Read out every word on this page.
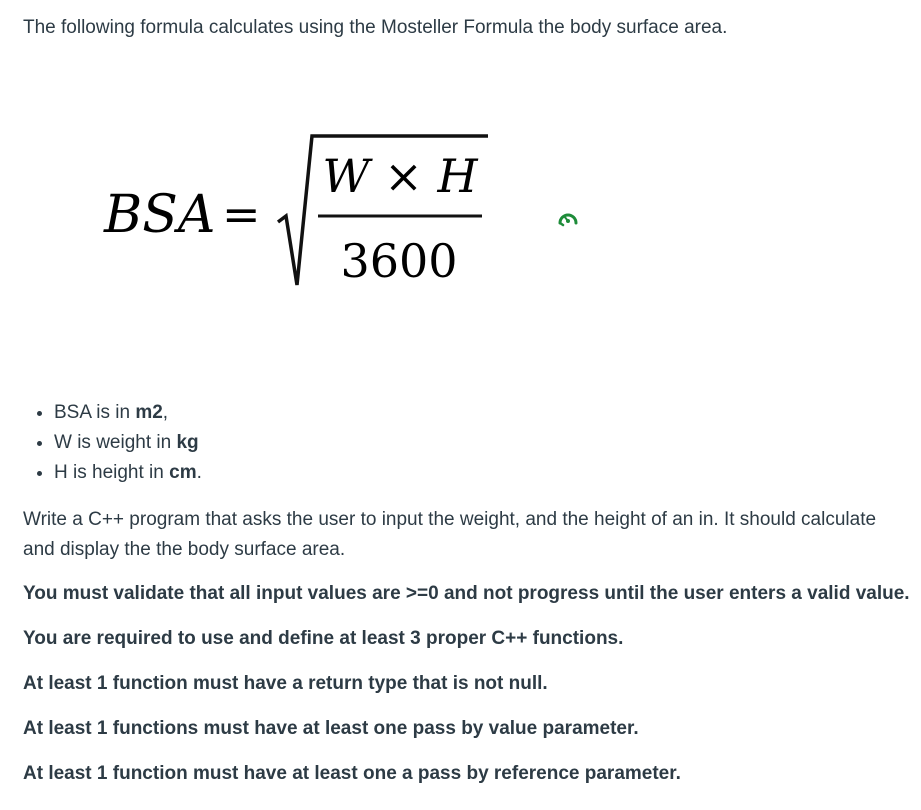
The following formula calculates using the Mosteller Formula the body surface area.

BSA =
W × H
3600
• BSA is in m2,
• W is weight in kg
• H is height in cm.

Write a C++ program that asks the user to input the weight, and the height of an in. It should calculate and display the the body surface area.

You must validate that all input values are >=0 and not progress until the user enters a valid value.

You are required to use and define at least 3 proper C++ functions.

At least 1 function must have a return type that is not null.

At least 1 functions must have at least one pass by value parameter.

At least 1 function must have at least one a pass by reference parameter.
